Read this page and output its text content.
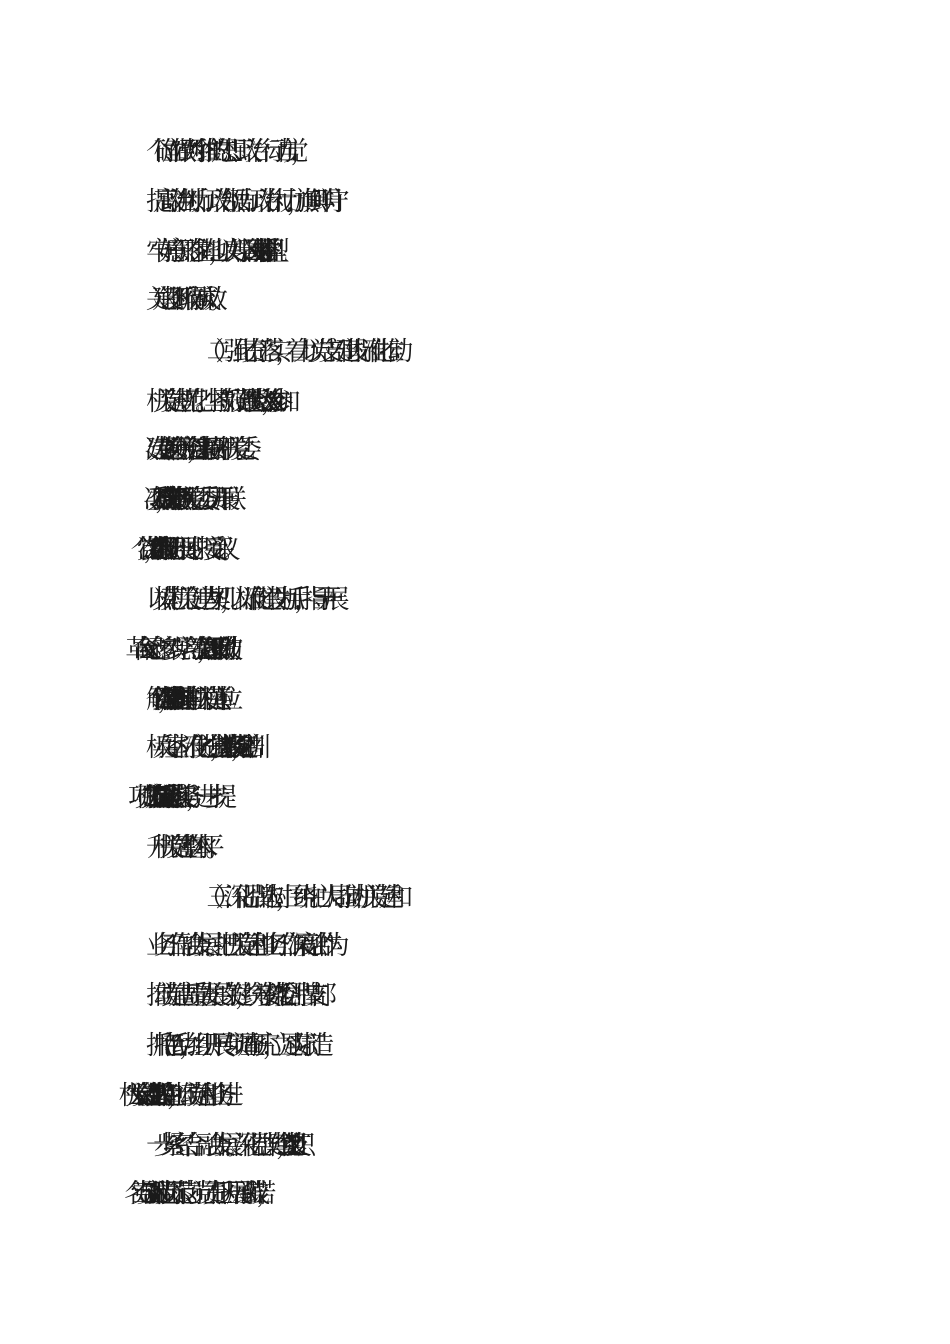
个确立”、做到“两个维护”的思想、政治、行动自觉，
提高政治判断力、政治领悟力、政治执行力，旗帜鲜明守
牢守好意识形态主阵地，以良好学风助推学型 xxx、书香机
关建设不断取得新成效。
（二）强化责任落实，着力以党支部建设标准化推动
机关党建规范化。坚持抓好党建“最大政治”，参加 xxx 党
建专题会 2 次、专题研究党建事项 2 个，主持召开机关党委
委员会议 5 次、研究事项 17 项，带领机关党委委员开展联
系督导 4 次，组织 21 个党支部书记开展述职、接受评议。
以模范机关创建为契机，以标准化建设为抓手，指导开展
xx 革命纪念馆参观学习等主题活动 13 次，“三级联动”破
解党建难题 23 个、帮办实事 17 件，选树省直机关模范单位、
标兵处室、标准化先进党支部各 1 个，举办党建培训 2 场，
高质量落实 xxx5 个方面 23 项机关党建重点任务，进一步提
升机关党建整体水平。
（三）深化品牌选树，围绕中心大局推动机关党建和
业务工作融合发展。把机关党建和业务工作深度融合作为
推动党建高质量发展的关键，统筹安排“党委创品牌支部
抓特色”活动，组织开展专项调查研究，立足实际打造
“xxx”机关党建品牌和 21 个支部特色，推动党建和业务进
一步紧密结合、融合发展。深化党群共建，组织 21 个党支
部和 155 名党员立足党员示范岗、党员责任区开展承诺践诺，
